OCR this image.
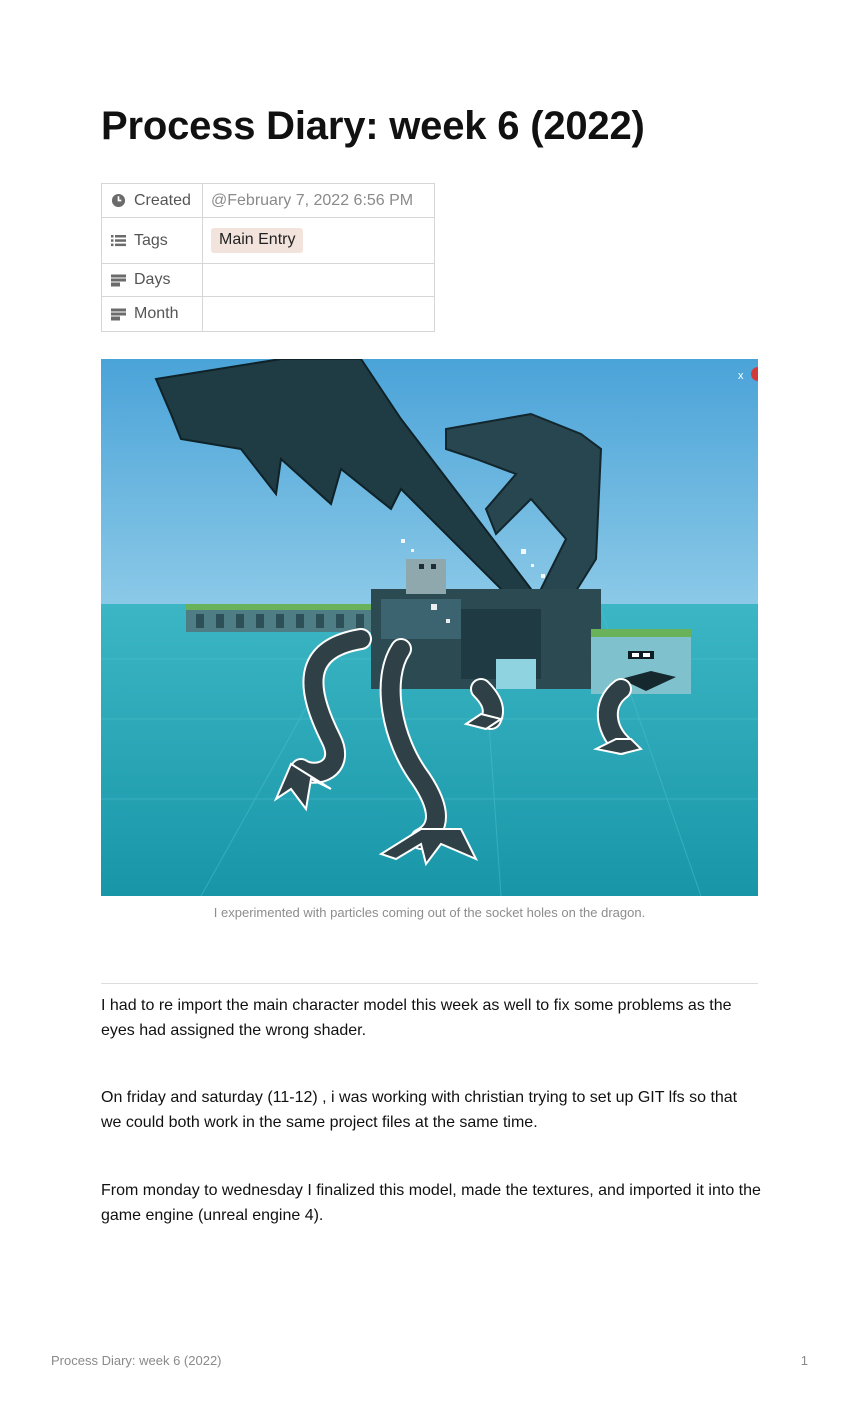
Process Diary: week 6 (2022)
Created	@February 7, 2022 6:56 PM

Tags	Main Entry

Days	

Month	

x

I experimented with particles coming out of the socket holes on the dragon.

I had to re import the main character model this week as well to fix some problems as the eyes had assigned the wrong shader.

On friday and saturday (11-12) , i was working with christian trying to set up GIT lfs so that we could both work in the same project files at the same time.

From monday to wednesday I finalized this model, made the textures, and imported it into the game engine (unreal engine 4).

Process Diary: week 6 (2022)	1
